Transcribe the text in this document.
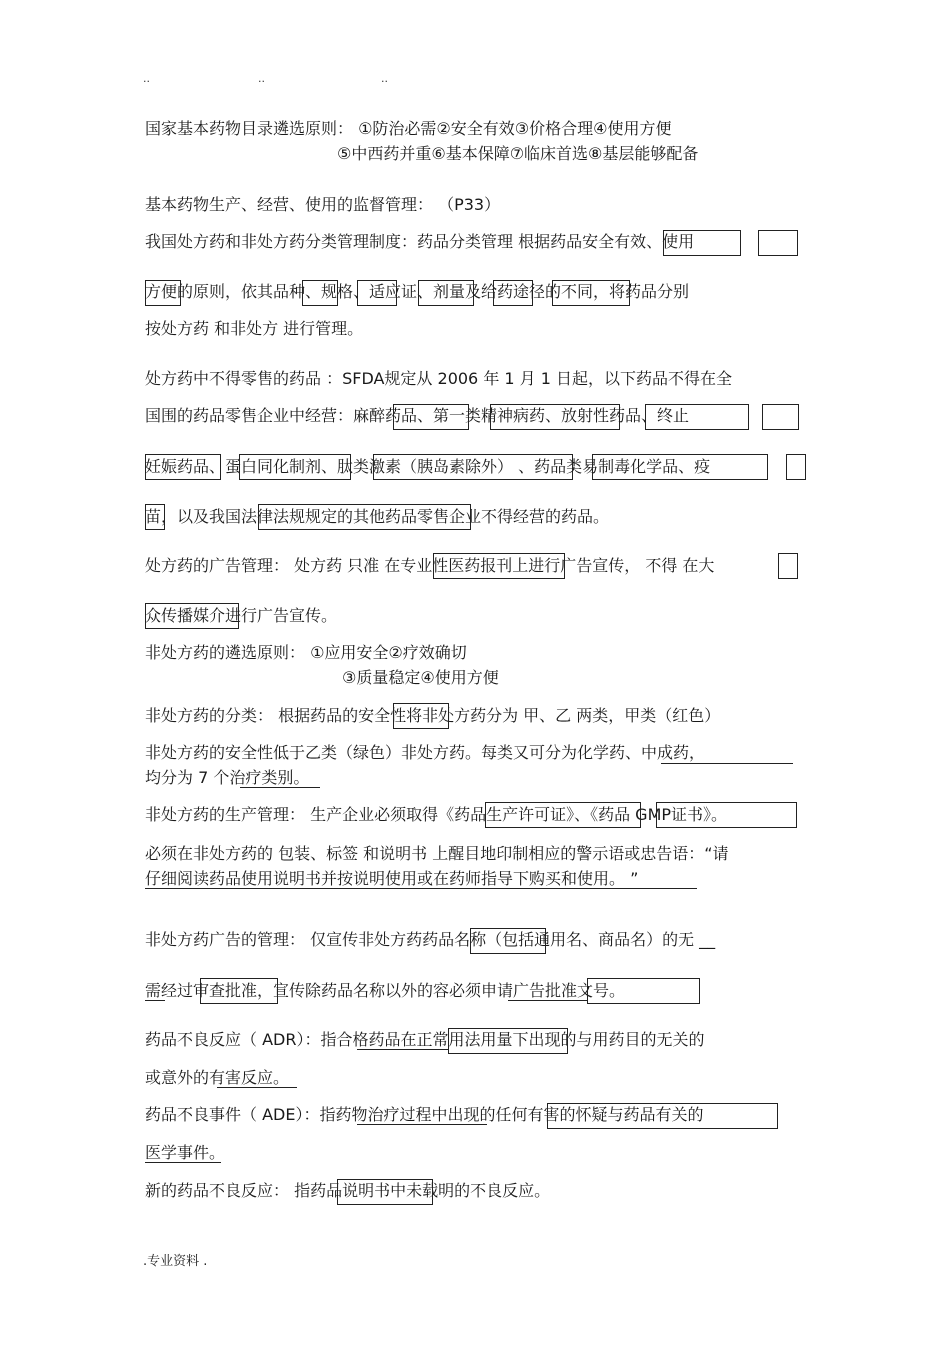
..	..	..
国家基本药物目录遴选原则： ①防治必需②安全有效③价格合理④使用方便
⑤中西药并重⑥基本保障⑦临床首选⑧基层能够配备
基本药物生产、经营、使用的监督管理： （P33）
我国处方药和非处方药分类管理制度：药品分类管理 根据药品安全有效、使用
方便的原则，依其品种、规格、适应证、剂量及给药途径的不同，将药品分别
按处方药 和非处方 进行管理。
处方药中不得零售的药品 ：SFDA规定从 2006 年 1 月 1 日起，以下药品不得在全
国围的药品零售企业中经营：麻醉药品、第一类精神病药、放射性药品、终止
妊娠药品、蛋白同化制剂、肽类激素（胰岛素除外） 、药品类易制毒化学品、疫
苗，以及我国法律法规规定的其他药品零售企业不得经营的药品。
处方药的广告管理： 处方药 只准 在专业性医药报刊上进行广告宣传， 不得 在大
众传播媒介进行广告宣传。
非处方药的遴选原则： ①应用安全②疗效确切
③质量稳定④使用方便
非处方药的分类： 根据药品的安全性将非处方药分为 甲、乙 两类，甲类（红色）
非处方药的安全性低于乙类（绿色）非处方药。每类又可分为化学药、中成药，
均分为 7 个治疗类别。
非处方药的生产管理： 生产企业必须取得《药品生产许可证》、《药品 GMP证书》。
必须在非处方药的 包装、标签 和说明书 上醒目地印制相应的警示语或忠告语：“请
仔细阅读药品使用说明书并按说明使用或在药师指导下购买和使用。 ”
非处方药广告的管理： 仅宣传非处方药药品名称（包括通用名、商品名）的无 __
需经过审查批准，宣传除药品名称以外的容必须申请广告批准文号。
药品不良反应（ ADR）：指合格药品在正常用法用量下出现的与用药目的无关的
或意外的有害反应。
药品不良事件（ ADE）：指药物治疗过程中出现的任何有害的怀疑与药品有关的
医学事件。
新的药品不良反应： 指药品说明书中未载明的不良反应。
.专业资料 .
